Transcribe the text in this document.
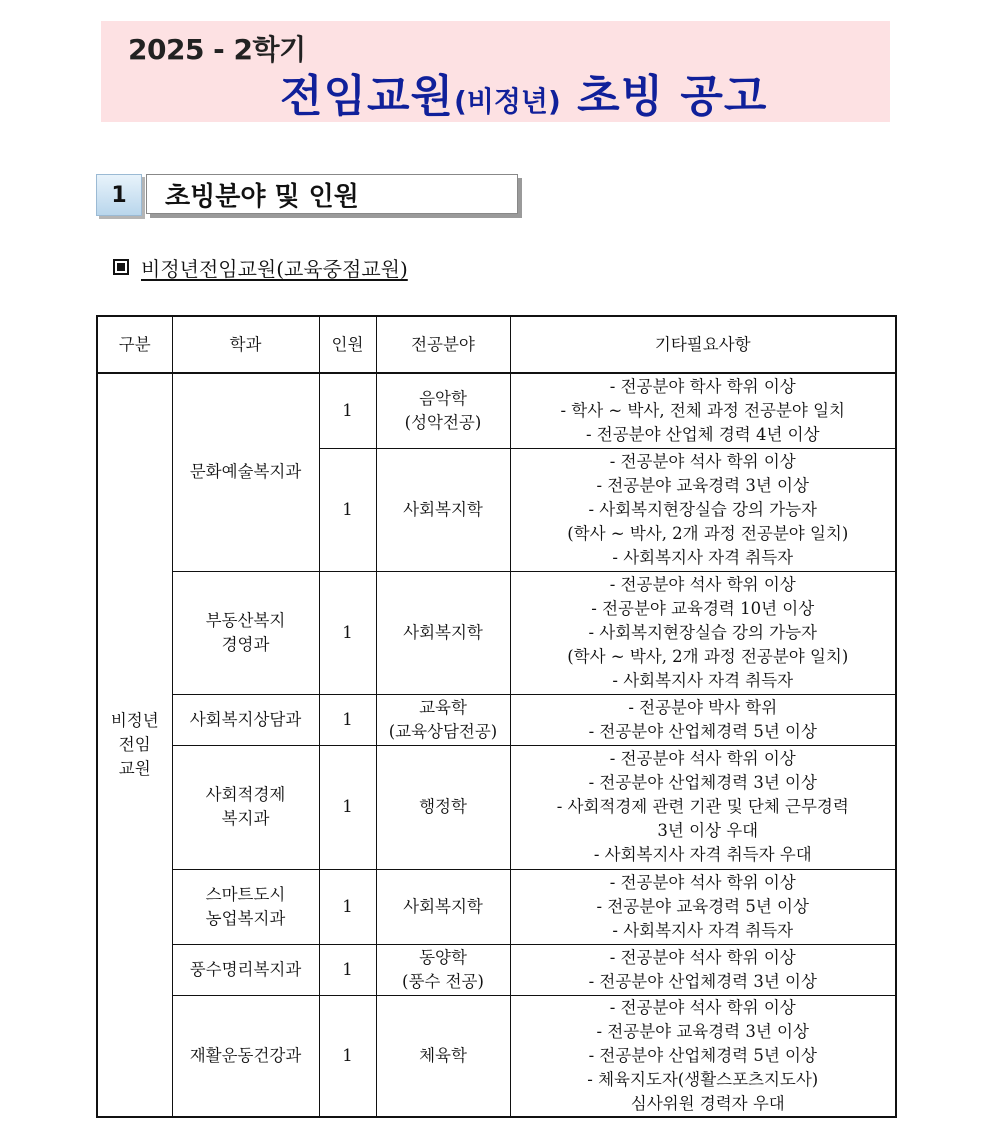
2025 - 2학기
전임교원(비정년) 초빙 공고
1	초빙분야 및 인원
비정년전임교원(교육중점교원)
구분	학과	인원	전공분야	기타필요사항

비정년
전임
교원	문화예술복지과	1	음악학
(성악전공)	- 전공분야 학사 학위 이상
- 학사 ~ 박사, 전체 과정 전공분야 일치
- 전공분야 산업체 경력 4년 이상

		1	사회복지학	- 전공분야 석사 학위 이상
- 전공분야 교육경력 3년 이상
- 사회복지현장실습 강의 가능자
(학사 ~ 박사, 2개 과정 전공분야 일치)
- 사회복지사 자격 취득자

	부동산복지
경영과	1	사회복지학	- 전공분야 석사 학위 이상
- 전공분야 교육경력 10년 이상
- 사회복지현장실습 강의 가능자
(학사 ~ 박사, 2개 과정 전공분야 일치)
- 사회복지사 자격 취득자

	사회복지상담과	1	교육학
(교육상담전공)	- 전공분야 박사 학위
- 전공분야 산업체경력 5년 이상

	사회적경제
복지과	1	행정학	- 전공분야 석사 학위 이상
- 전공분야 산업체경력 3년 이상
- 사회적경제 관련 기관 및 단체 근무경력
3년 이상 우대
- 사회복지사 자격 취득자 우대

	스마트도시
농업복지과	1	사회복지학	- 전공분야 석사 학위 이상
- 전공분야 교육경력 5년 이상
- 사회복지사 자격 취득자

	풍수명리복지과	1	동양학
(풍수 전공)	- 전공분야 석사 학위 이상
- 전공분야 산업체경력 3년 이상

	재활운동건강과	1	체육학	- 전공분야 석사 학위 이상
- 전공분야 교육경력 3년 이상
- 전공분야 산업체경력 5년 이상
- 체육지도자(생활스포츠지도사)
심사위원 경력자 우대
